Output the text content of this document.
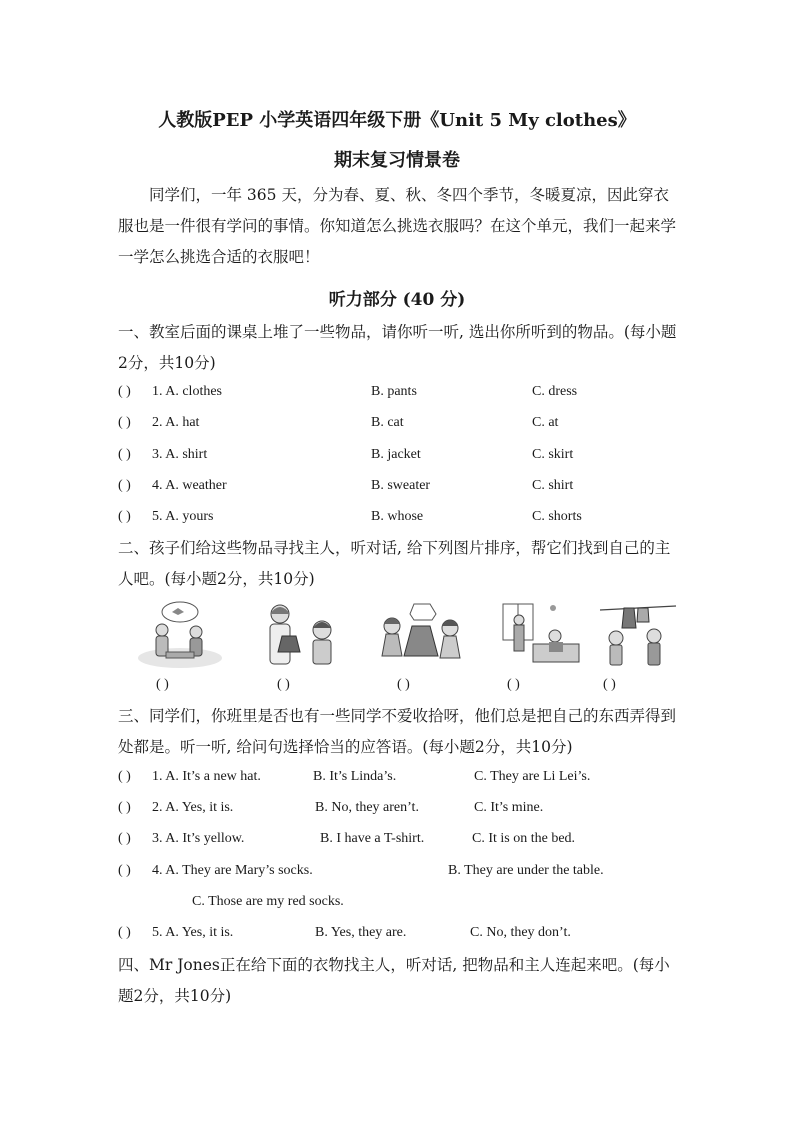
人教版PEP 小学英语四年级下册《Unit 5 My clothes》
期末复习情景卷
同学们，一年 365 天，分为春、夏、秋、冬四个季节，冬暖夏凉，因此穿衣服也是一件很有学问的事情。你知道怎么挑选衣服吗？在这个单元，我们一起来学一学怎么挑选合适的衣服吧！
听力部分 (40 分)
一、教室后面的课桌上堆了一些物品，请你听一听, 选出你所听到的物品。(每小题2分，共10分)
( ) 1. A. clothes	B. pants	C. dress
( ) 2. A. hat	B. cat	C. at
( ) 3. A. shirt	B. jacket	C. skirt
( ) 4. A. weather	B. sweater	C. shirt
( ) 5. A. yours	B. whose	C. shorts
二、孩子们给这些物品寻找主人，听对话, 给下列图片排序，帮它们找到自己的主人吧。(每小题2分，共10分)
( )	( )	( )	( )	( )
三、同学们，你班里是否也有一些同学不爱收拾呀，他们总是把自己的东西弄得到处都是。听一听, 给问句选择恰当的应答语。(每小题2分，共10分)
( ) 1. A. It’s a new hat.	B. It’s Linda’s.	C. They are Li Lei’s.
( ) 2. A. Yes, it is.	B. No, they aren’t.	C. It’s mine.
( ) 3. A. It’s yellow.	B. I have a T-shirt.	C. It is on the bed.
( ) 4. A. They are Mary’s socks.	B. They are under the table.
C. Those are my red socks.
( ) 5. A. Yes, it is.	B. Yes, they are.	C. No, they don’t.
四、Mr Jones正在给下面的衣物找主人，听对话, 把物品和主人连起来吧。(每小题2分，共10分)
